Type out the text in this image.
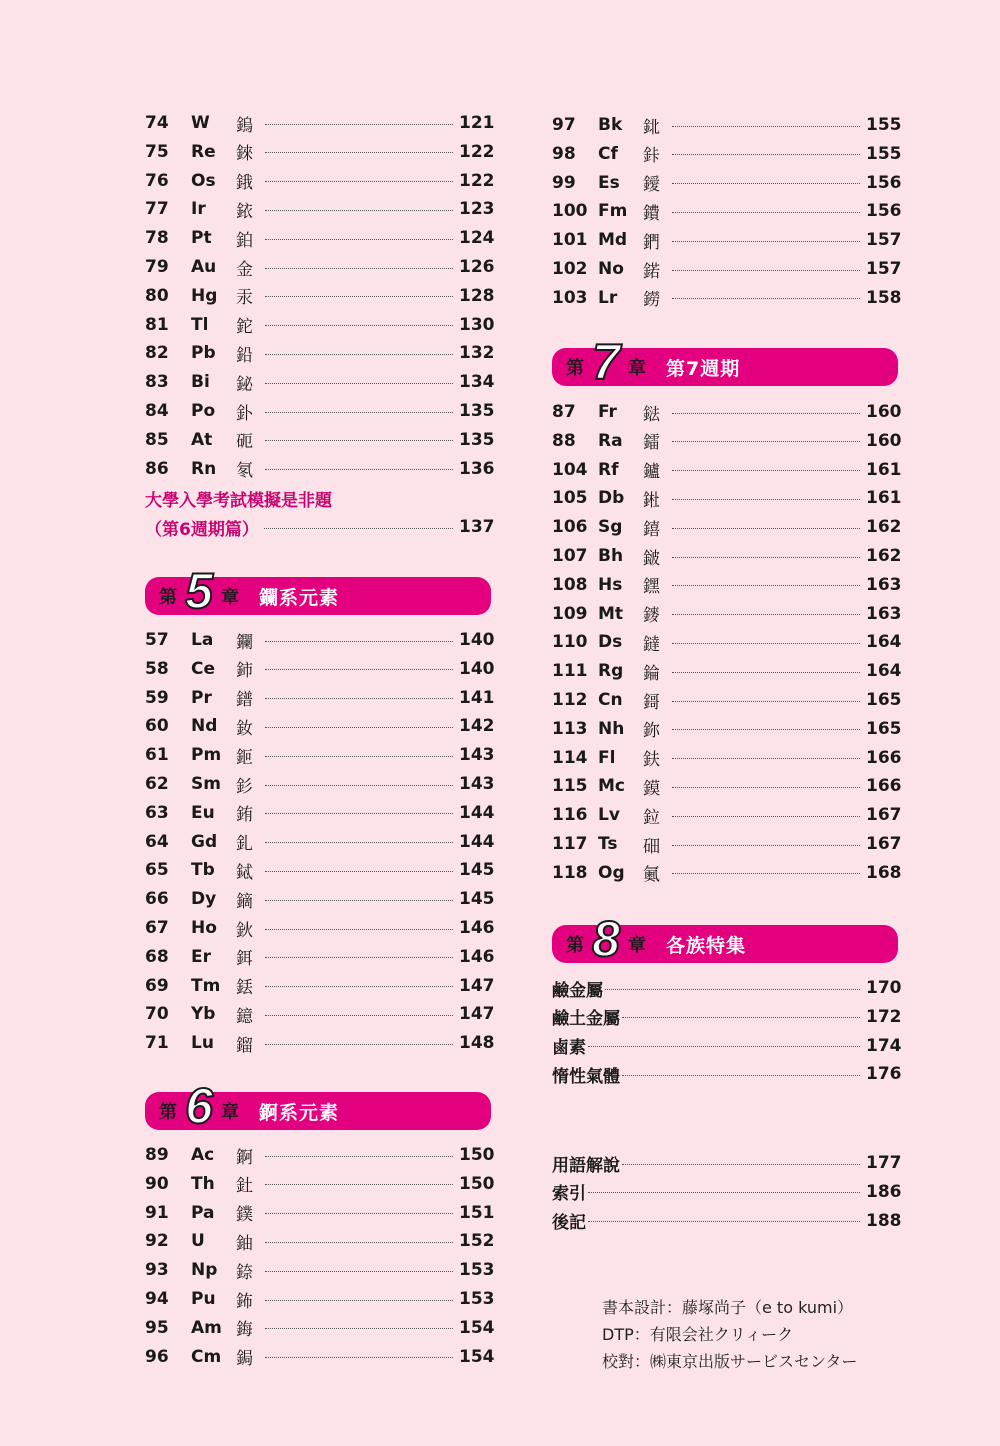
74	W	鎢	121
75	Re	錸	122
76	Os	鋨	122
77	Ir	銥	123
78	Pt	鉑	124
79	Au	金	126
80	Hg	汞	128
81	Tl	鉈	130
82	Pb	鉛	132
83	Bi	鉍	134
84	Po	釙	135
85	At	砈	135
86	Rn	氡	136
大學入學考試模擬是非題
（第6週期篇）	137
第 5 章 鑭系元素
57	La	鑭	140
58	Ce	鈰	140
59	Pr	鐠	141
60	Nd	釹	142
61	Pm 鉕	143
62	Sm 釤	143
63	Eu	銪	144
64	Gd	釓	144
65	Tb	鋱	145
66	Dy	鏑	145
67	Ho	鈥	146
68	Er	鉺	146
69	Tm 銩	147
70	Yb	鐿	147
71	Lu	鎦	148
第 6 章 錒系元素
89	Ac	錒	150
90	Th	釷	150
91	Pa	鏷	151
92	U	鈾	152
93	Np	錼	153
94	Pu	鈽	153
95	Am 鋂	154
96	Cm 鋦	154
97	Bk	鉳	155
98	Cf	鉲	155
99	Es	鑀	156
100 Fm 鐨	156
101 Md 鍆	157
102 No	鍩	157
103 Lr	鐒	158
第 7 章 第7週期
87	Fr	鍅	160
88	Ra	鐳	160
104 Rf	鑪	161
105 Db	𨧀	161
106 Sg	𨭎	162
107 Bh	𨨏	162
108 Hs	𨭆	163
109 Mt	䥑	163
110 Ds	鐽	164
111 Rg	錀	164
112 Cn	鎶	165
113 Nh	鉨	165
114 Fl	鈇	166
115 Mc	鏌	166
116 Lv	鉝	167
117 Ts	鿬	167
118 Og	鿫	168
第 8 章 各族特集
鹼金屬	170
鹼土金屬	172
鹵素	174
惰性氣體	176
用語解說	177
索引	186
後記	188
書本設計：藤塚尚子（e to kumi）
DTP：有限会社クリィーク
校對：㈱東京出版サービスセンター
